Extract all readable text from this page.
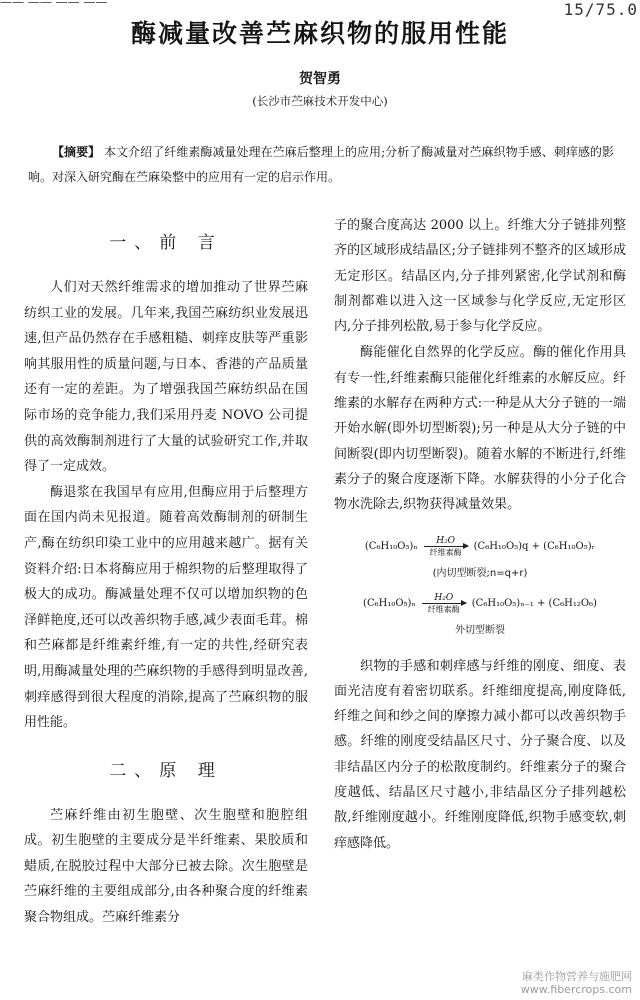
—— —— —— ——	15/75.0
酶减量改善苎麻织物的服用性能
贺智勇
(长沙市苎麻技术开发中心)
【摘要】 本文介绍了纤维素酶减量处理在苎麻后整理上的应用;分析了酶减量对苎麻织物手感、刺痒感的影响。对深入研究酶在苎麻染整中的应用有一定的启示作用。
一、前 言

人们对天然纤维需求的增加推动了世界苎麻纺织工业的发展。几年来,我国苎麻纺织业发展迅速,但产品仍然存在手感粗糙、刺痒皮肤等严重影响其服用性的质量问题,与日本、香港的产品质量还有一定的差距。为了增强我国苎麻纺织品在国际市场的竞争能力,我们采用丹麦 NOVO 公司提供的高效酶制剂进行了大量的试验研究工作,并取得了一定成效。

酶退浆在我国早有应用,但酶应用于后整理方面在国内尚未见报道。随着高效酶制剂的研制生产,酶在纺织印染工业中的应用越来越广。据有关资料介绍:日本将酶应用于棉织物的后整理取得了极大的成功。酶减量处理不仅可以增加织物的色泽鲜艳度,还可以改善织物手感,减少表面毛茸。棉和苎麻都是纤维素纤维,有一定的共性,经研究表明,用酶减量处理的苎麻织物的手感得到明显改善,刺痒感得到很大程度的消除,提高了苎麻织物的服用性能。

二、原 理

苎麻纤维由初生胞壁、次生胞壁和胞腔组成。初生胞壁的主要成分是半纤维素、果胶质和蜡质,在脱胶过程中大部分已被去除。次生胞壁是苎麻纤维的主要组成部分,由各种聚合度的纤维素聚合物组成。苎麻纤维素分

子的聚合度高达 2000 以上。纤维大分子链排列整齐的区域形成结晶区;分子链排列不整齐的区域形成无定形区。结晶区内,分子排列紧密,化学试剂和酶制剂都难以进入这一区域参与化学反应,无定形区内,分子排列松散,易于参与化学反应。

酶能催化自然界的化学反应。酶的催化作用具有专一性,纤维素酶只能催化纤维素的水解反应。纤维素的水解存在两种方式:一种是从大分子链的一端开始水解(即外切型断裂);另一种是从大分子链的中间断裂(即内切型断裂)。随着水解的不断进行,纤维素分子的聚合度逐渐下降。水解获得的小分子化合物水洗除去,织物获得减量效果。

(C₆H₁₀O₅)ₙ
H₂O
纤维素酶 (C₆H₁₀O₅)q + (C₆H₁₀O₅)ᵣ
(内切型断裂;n=q+r)
(C₆H₁₀O₅)ₙ
H₂O
纤维素酶 (C₆H₁₀O₅)ₙ₋₁ + (C₆H₁₂O₆)
外切型断裂

织物的手感和刺痒感与纤维的刚度、细度、表面光洁度有着密切联系。纤维细度提高,刚度降低,纤维之间和纱之间的摩擦力减小都可以改善织物手感。纤维的刚度受结晶区尺寸、分子聚合度、以及非结晶区内分子的松散度制约。纤维素分子的聚合度越低、结晶区尺寸越小,非结晶区分子排列越松散,纤维刚度越小。纤维刚度降低,织物手感变软,刺痒感降低。

麻类作物营养与施肥网
www.fibercrops.com
